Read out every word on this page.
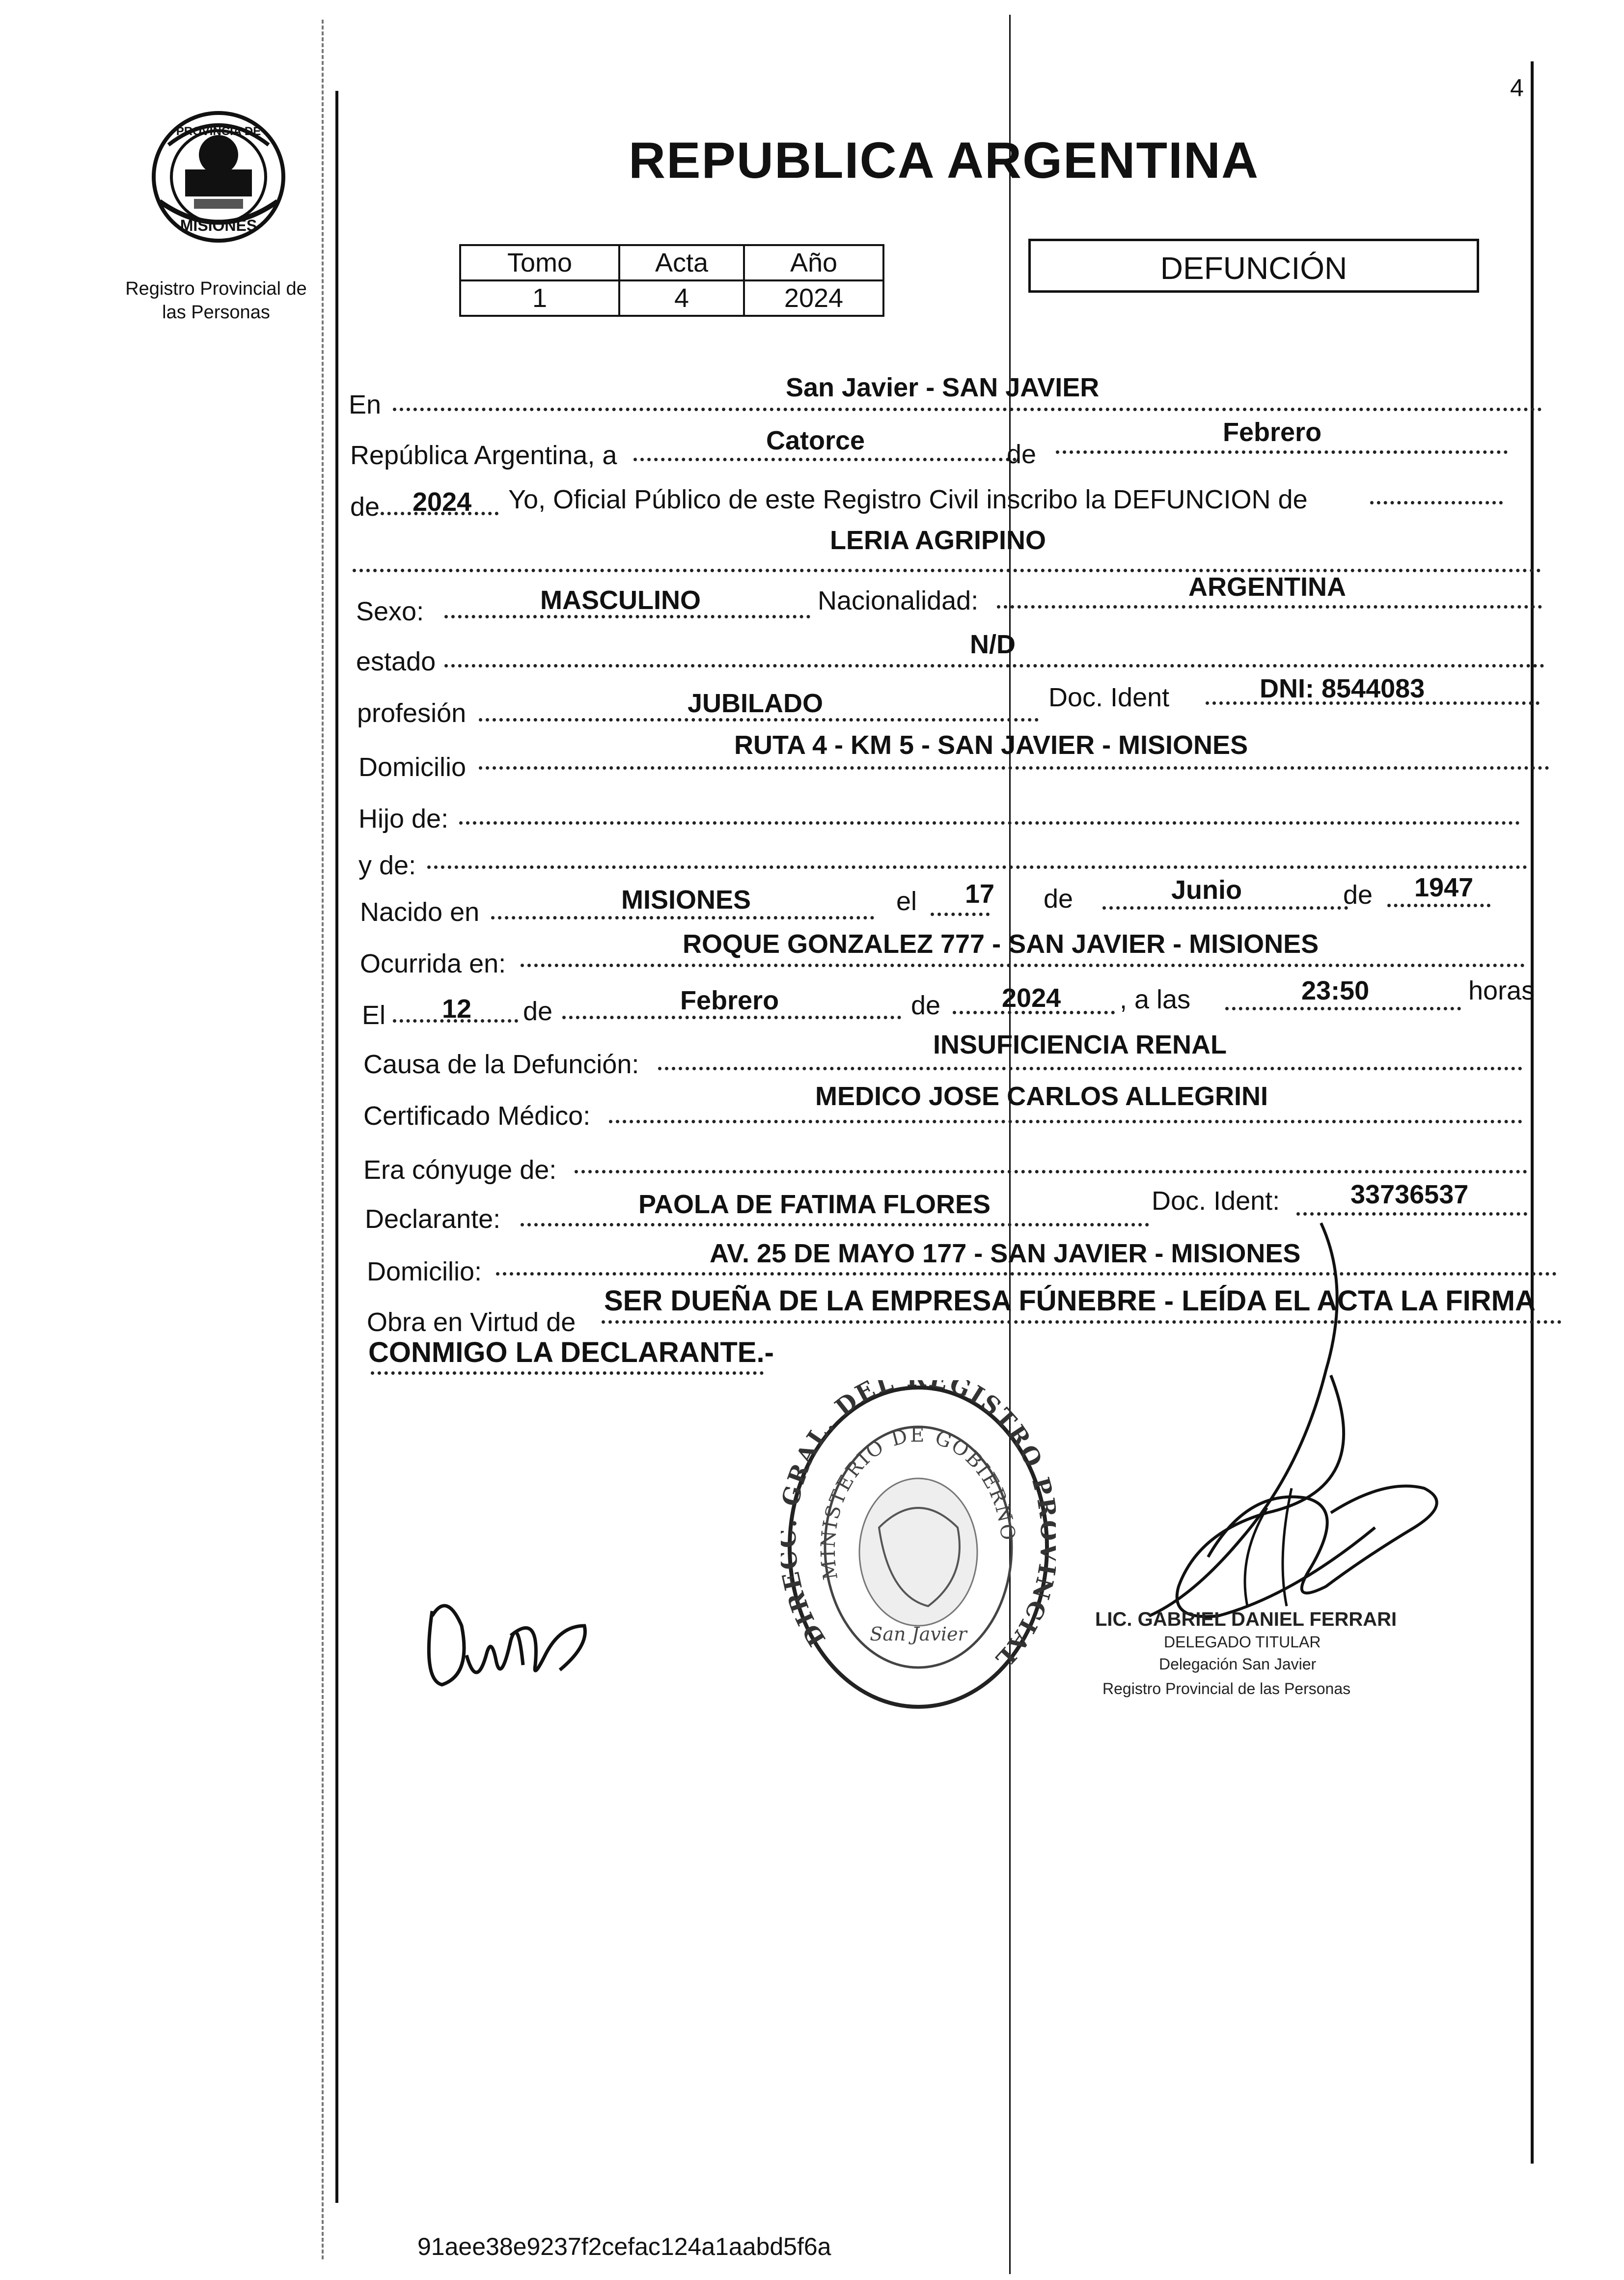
4
PROVINCIA DE
MISIONES
Registro Provincial de
las Personas
REPUBLICA ARGENTINA
Tomo	Acta	Año
1	4	2024
DEFUNCIÓN
En
San Javier - SAN JAVIER
República Argentina, a	Catorce	de
Febrero
de 2024 Yo, Oficial Público de este Registro Civil inscribo la DEFUNCION de
LERIA AGRIPINO
Sexo:	MASCULINO	Nacionalidad:	ARGENTINA
estado
N/D
profesión	JUBILADO	Doc. Ident	DNI: 8544083
Domicilio
RUTA 4 - KM 5 - SAN JAVIER - MISIONES
Hijo de:
y de:
Nacido en	MISIONES	el 17 de	Junio	de 1947
Ocurrida en:
ROQUE GONZALEZ 777 - SAN JAVIER - MISIONES
El 12 de	Febrero	de 2024 , a las	23:50	horas
Causa de la Defunción:
INSUFICIENCIA RENAL
Certificado Médico:
MEDICO JOSE CARLOS ALLEGRINI
Era cónyuge de:
Declarante:	PAOLA DE FATIMA FLORES	Doc. Ident:	33736537
Domicilio:
AV. 25 DE MAYO 177 - SAN JAVIER - MISIONES
Obra en Virtud de
SER DUEÑA DE LA EMPRESA FÚNEBRE - LEÍDA EL ACTA LA FIRMA
CONMIGO LA DECLARANTE.-
DIR RAL. DEL EGISTRO P NCIAL
MINISTERIO DE GOBIERNO
San Javier
LIC. GABRIEL DANIEL FERRARI
DELEGADO TITULAR
Delegación San Javier
Registro Provincial de las Personas
91aee38e9237f2cefac124a1aabd5f6a
